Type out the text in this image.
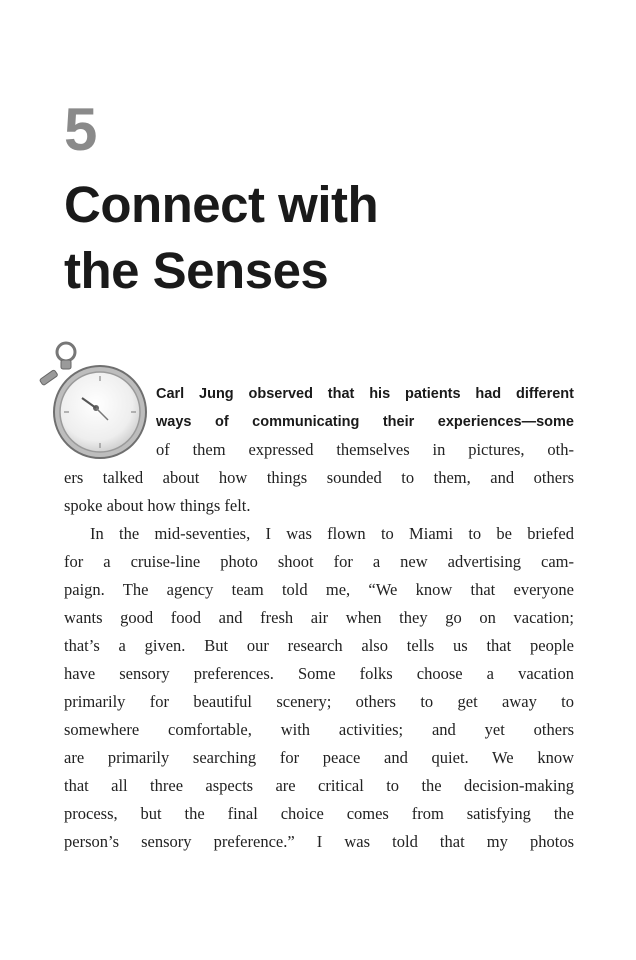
5
Connect with
the Senses
Carl Jung observed that his patients had different
ways of communicating their experiences—some
of them expressed themselves in pictures, oth-
ers talked about how things sounded to them, and others
spoke about how things felt.
In the mid-seventies, I was flown to Miami to be briefed
for a cruise-line photo shoot for a new advertising cam-
paign. The agency team told me, “We know that everyone
wants good food and fresh air when they go on vacation;
that’s a given. But our research also tells us that people
have sensory preferences. Some folks choose a vacation
primarily for beautiful scenery; others to get away to
somewhere comfortable, with activities; and yet others
are primarily searching for peace and quiet. We know
that all three aspects are critical to the decision-making
process, but the final choice comes from satisfying the
person’s sensory preference.” I was told that my photos
